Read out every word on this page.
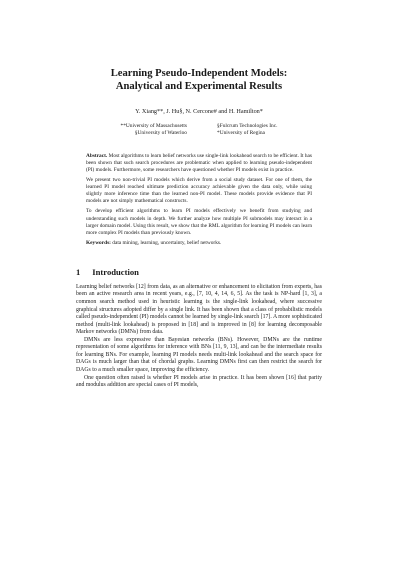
Learning Pseudo-Independent Models:
Analytical and Experimental Results
Y. Xiang**, J. Hu§, N. Cercone# and H. Hamilton*
**University of Massachusetts
§University of Waterloo
§Fulcrum Technologies Inc.
*University of Regina

Abstract. Most algorithms to learn belief networks use single-link lookahead search to be efficient. It has been shown that such search procedures are problematic when applied to learning pseudo-independent (PI) models. Furthermore, some researchers have questioned whether PI models exist in practice.

We present two non-trivial PI models which derive from a social study dataset. For one of them, the learned PI model reached ultimate prediction accuracy achievable given the data only, while using slightly more inference time than the learned non-PI model. These models provide evidence that PI models are not simply mathematical constructs.

To develop efficient algorithms to learn PI models effectively we benefit from studying and understanding such models in depth. We further analyze how multiple PI submodels may interact in a larger domain model. Using this result, we show that the RML algorithm for learning PI models can learn more complex PI models than previously known.

Keywords: data mining, learning, uncertainty, belief networks.

1 Introduction

Learning belief networks [12] from data, as an alternative or enhancement to elicitation from experts, has been an active research area in recent years, e.g., [7, 10, 4, 14, 6, 5]. As the task is NP-hard [1, 3], a common search method used in heuristic learning is the single-link lookahead, where successive graphical structures adopted differ by a single link. It has been shown that a class of probabilistic models called pseudo-independent (PI) models cannot be learned by single-link search [17]. A more sophisticated method (multi-link lookahead) is proposed in [18] and is improved in [8] for learning decomposable Markov networks (DMNs) from data.

DMNs are less expressive than Bayesian networks (BNs). However, DMNs are the runtime representation of some algorithms for inference with BNs [11, 9, 13], and can be the intermediate results for learning BNs. For example, learning PI models needs multi-link lookahead and the search space for DAGs is much larger than that of chordal graphs. Learning DMNs first can then restrict the search for DAGs to a much smaller space, improving the efficiency.

One question often raised is whether PI models arise in practice. It has been shown [16] that parity and modulus addition are special cases of PI models,
